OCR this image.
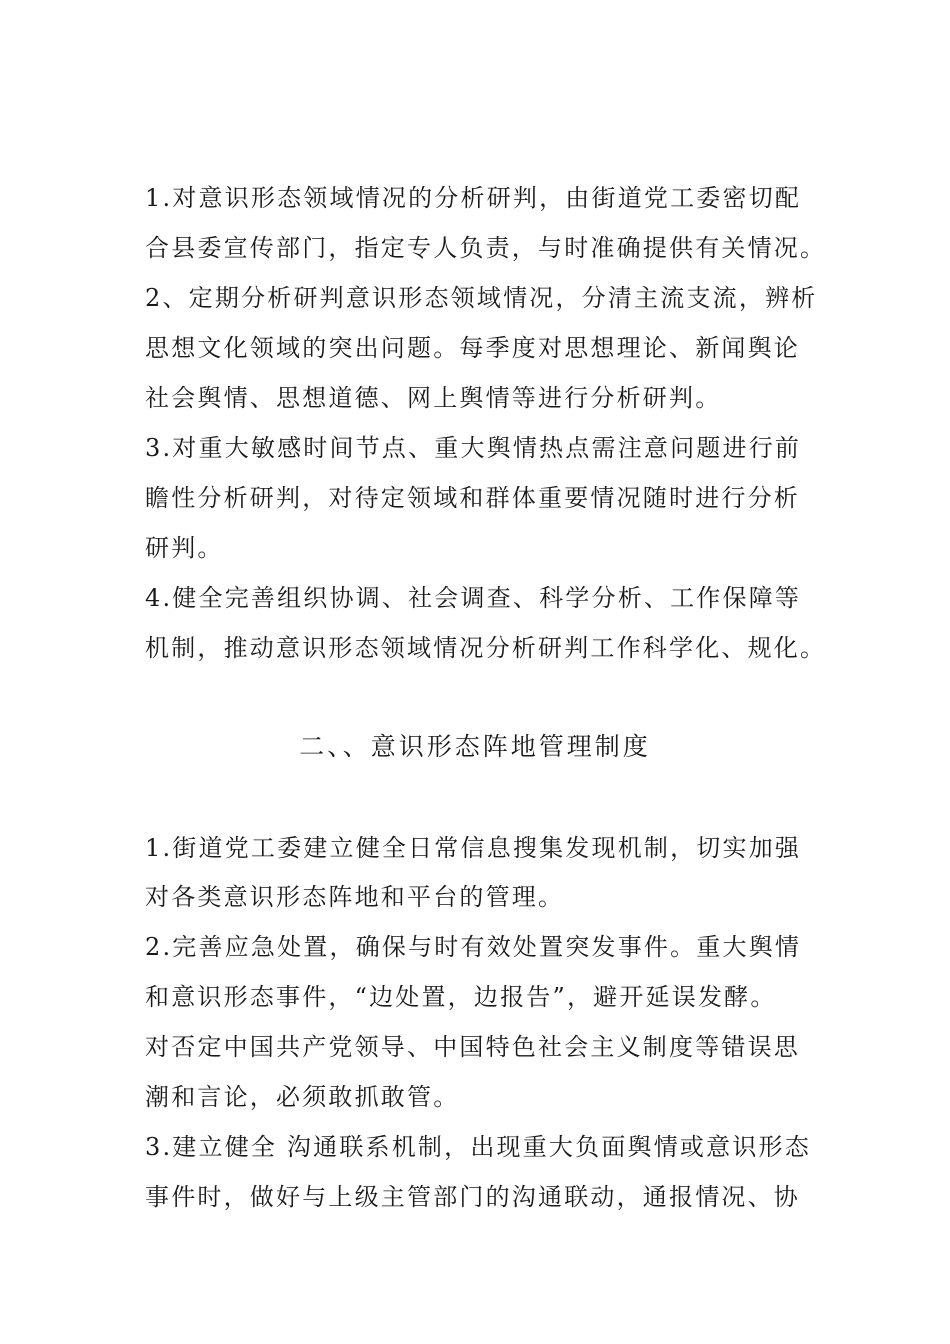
1.对意识形态领域情况的分析研判，由街道党工委密切配
合县委宣传部门，指定专人负责，与时准确提供有关情况。
2、定期分析研判意识形态领域情况，分清主流支流，辨析
思想文化领域的突出问题。每季度对思想理论、新闻舆论
社会舆情、思想道德、网上舆情等进行分析研判。
3.对重大敏感时间节点、重大舆情热点需注意问题进行前
瞻性分析研判，对待定领域和群体重要情况随时进行分析
研判。
4.健全完善组织协调、社会调查、科学分析、工作保障等
机制，推动意识形态领域情况分析研判工作科学化、规化。
二、、意识形态阵地管理制度
1.街道党工委建立健全日常信息搜集发现机制，切实加强
对各类意识形态阵地和平台的管理。
2.完善应急处置，确保与时有效处置突发事件。重大舆情
和意识形态事件，“边处置，边报告”，避开延误发酵。
对否定中国共产党领导、中国特色社会主义制度等错误思
潮和言论，必须敢抓敢管。
3.建立健全 沟通联系机制，出现重大负面舆情或意识形态
事件时，做好与上级主管部门的沟通联动，通报情况、协
